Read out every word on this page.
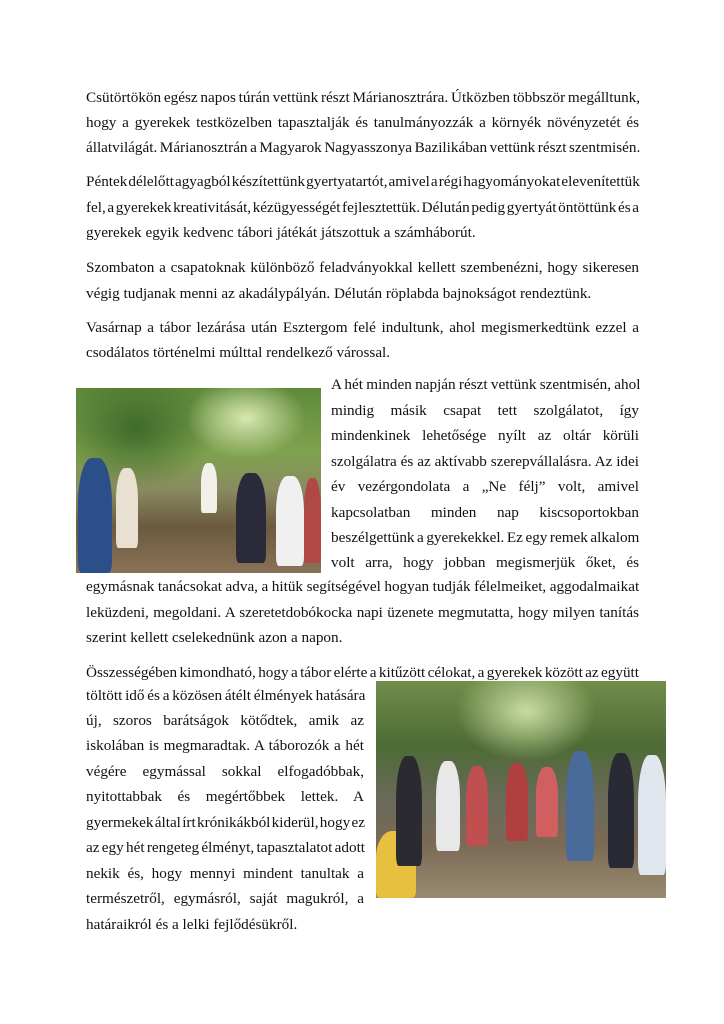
Csütörtökön egész napos túrán vettünk részt Márianosztrára. Útközben többször megálltunk,
hogy a gyerekek testközelben tapasztalják és tanulmányozzák a környék növényzetét és
állatvilágát. Márianosztrán a Magyarok Nagyasszonya Bazilikában vettünk részt szentmisén.
Péntek délelőtt agyagból készítettünk gyertyatartót, amivel a régi hagyományokat elevenítettük
fel, a gyerekek kreativitását, kézügyességét fejlesztettük. Délután pedig gyertyát öntöttünk és a
gyerekek egyik kedvenc tábori játékát játszottuk a számháborút.
Szombaton a csapatoknak különböző feladványokkal kellett szembenézni, hogy sikeresen
végig tudjanak menni az akadálypályán. Délután röplabda bajnokságot rendeztünk.
Vasárnap a tábor lezárása után Esztergom felé indultunk, ahol megismerkedtünk ezzel a
csodálatos történelmi múlttal rendelkező várossal.
A hét minden napján részt vettünk szentmisén, ahol
mindig másik csapat tett szolgálatot, így
mindenkinek lehetősége nyílt az oltár körüli
szolgálatra és az aktívabb szerepvállalásra. Az idei
év vezérgondolata a „Ne félj” volt, amivel
kapcsolatban minden nap kiscsoportokban
beszélgettünk a gyerekekkel. Ez egy remek alkalom
volt arra, hogy jobban megismerjük őket, és
egymásnak tanácsokat adva, a hitük segítségével hogyan tudják félelmeiket, aggodalmaikat
leküzdeni, megoldani. A szeretetdobókocka napi üzenete megmutatta, hogy milyen tanítás
szerint kellett cselekednünk azon a napon.
Összességében kimondható, hogy a tábor elérte a kitűzött célokat, a gyerekek között az együtt
töltött idő és a közösen átélt élmények hatására
új, szoros barátságok kötődtek, amik az
iskolában is megmaradtak. A táborozók a hét
végére egymással sokkal elfogadóbbak,
nyitottabbak és megértőbbek lettek. A
gyermekek által írt krónikákból kiderül, hogy ez
az egy hét rengeteg élményt, tapasztalatot adott
nekik és, hogy mennyi mindent tanultak a
természetről, egymásról, saját magukról, a
határaikról és a lelki fejlődésükről.
